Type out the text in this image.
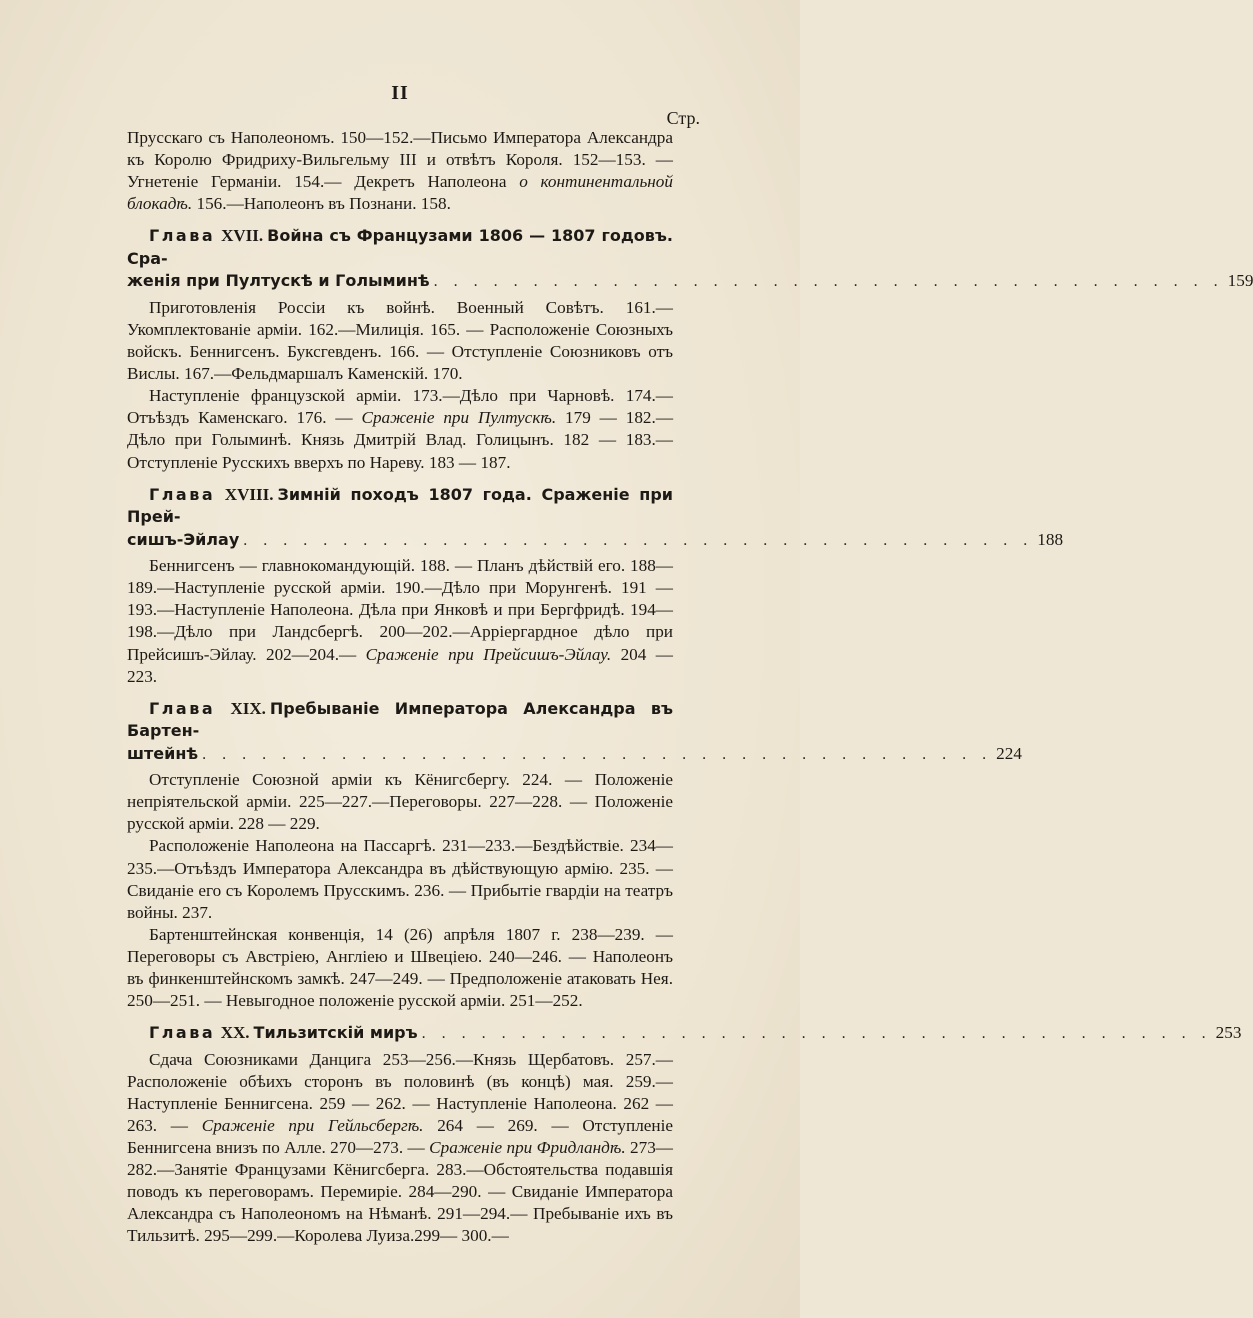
II
Стр.

Прусскаго съ Наполеономъ. 150—152.—Письмо Императора Александра къ Королю Фридриху-Вильгельму III и отвѣтъ Короля. 152—153. — Угнетеніе Германіи. 154.— Декретъ Наполеона о континентальной блокадѣ. 156.—Наполеонъ въ Познани. 158.

Глава XVII. Война съ Французами 1806 — 1807 годовъ. Сра-
женія при Пултускѣ и Голыминѣ . . . . . . . . . . . . . . . . . . . . . . . . . . . . . . . . . . . . . . . . 159

Приготовленія Россіи къ войнѣ. Военный Совѣтъ. 161.—Укомплектованіе арміи. 162.—Милиція. 165. — Расположеніе Союзныхъ войскъ. Беннигсенъ. Буксгевденъ. 166. — Отступленіе Союзниковъ отъ Вислы. 167.—Фельдмаршалъ Каменскій. 170.

Наступленіе французской арміи. 173.—Дѣло при Чарновѣ. 174.— Отъѣздъ Каменскаго. 176. — Сраженіе при Пултускѣ. 179 — 182.— Дѣло при Голыминѣ. Князь Дмитрій Влад. Голицынъ. 182 — 183.— Отступленіе Русскихъ вверхъ по Нареву. 183 — 187.

Глава XVIII. Зимній походъ 1807 года. Сраженіе при Прей-
сишъ-Эйлау . . . . . . . . . . . . . . . . . . . . . . . . . . . . . . . . . . . . . . . . 188

Беннигсенъ — главнокомандующій. 188. — Планъ дѣйствій его. 188—189.—Наступленіе русской арміи. 190.—Дѣло при Морунгенѣ. 191 — 193.—Наступленіе Наполеона. Дѣла при Янковѣ и при Бергфридѣ. 194—198.—Дѣло при Ландсбергѣ. 200—202.—Арріергардное дѣло при Прейсишъ-Эйлау. 202—204.— Сраженіе при Прейсишъ-Эйлау. 204 — 223.

Глава XIX. Пребываніе Императора Александра въ Бартен-
штейнѣ . . . . . . . . . . . . . . . . . . . . . . . . . . . . . . . . . . . . . . . . 224

Отступленіе Союзной арміи къ Кёнигсбергу. 224. — Положеніе непріятельской арміи. 225—227.—Переговоры. 227—228. — Положеніе русской арміи. 228 — 229.

Расположеніе Наполеона на Пассаргѣ. 231—233.—Бездѣйствіе. 234—235.—Отъѣздъ Императора Александра въ дѣйствующую армію. 235. — Свиданіе его съ Королемъ Прусскимъ. 236. — Прибытіе гвардіи на театръ войны. 237.

Бартенштейнская конвенція, 14 (26) апрѣля 1807 г. 238—239. — Переговоры съ Австріею, Англіею и Швеціею. 240—246. — Наполеонъ въ финкенштейнскомъ замкѣ. 247—249. — Предположеніе атаковать Нея. 250—251. — Невыгодное положеніе русской арміи. 251—252.

Глава XX. Тильзитскій миръ . . . . . . . . . . . . . . . . . . . . . . . . . . . . . . . . . . . . . . . . 253

Сдача Союзниками Данцига 253—256.—Князь Щербатовъ. 257.— Расположеніе обѣихъ сторонъ въ половинѣ (въ концѣ) мая. 259.— Наступленіе Беннигсена. 259 — 262. — Наступленіе Наполеона. 262 — 263. — Сраженіе при Гейльсбергѣ. 264 — 269. — Отступленіе Беннигсена внизъ по Алле. 270—273. — Сраженіе при Фридландѣ. 273—282.—Занятіе Французами Кёнигсберга. 283.—Обстоятельства подавшія поводъ къ переговорамъ. Перемиріе. 284—290. — Свиданіе Императора Александра съ Наполеономъ на Нѣманѣ. 291—294.— Пребываніе ихъ въ Тильзитѣ. 295—299.—Королева Луиза.299— 300.—
